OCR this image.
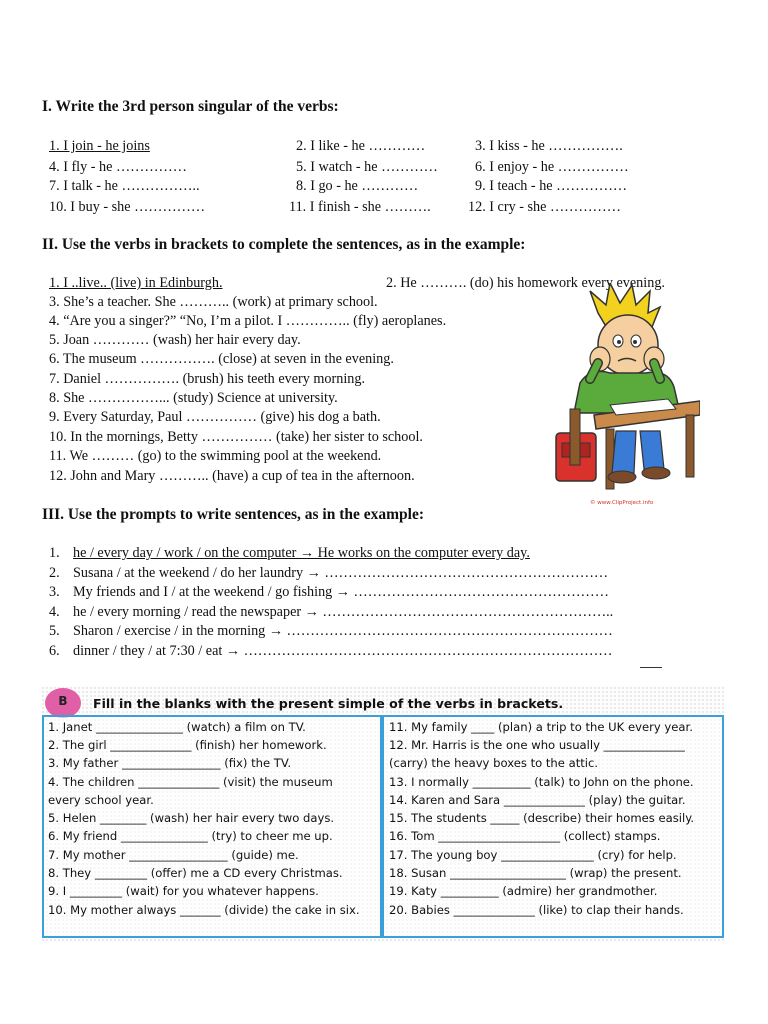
I. Write the 3rd person singular of the verbs:
1. I join - he joins	2. I like - he …………	3. I kiss - he …………….
4. I fly - he ……………	5. I watch - he …………	6. I enjoy - he ……………
7. I talk - he ……………..	8. I go - he …………	9. I teach - he ……………
10. I buy - she ……………	11. I finish - she ……….	12. I cry - she ……………
II. Use the verbs in brackets to complete the sentences, as in the example:
1. I ..live.. (live) in Edinburgh.	2. He ………. (do) his homework every evening.
3. She’s a teacher. She ……….. (work) at primary school.
4. “Are you a singer?” “No, I’m a pilot. I ………….. (fly) aeroplanes.
5. Joan ………… (wash) her hair every day.
6. The museum ……………. (close) at seven in the evening.
7. Daniel ……………. (brush) his teeth every morning.
8. She ……………... (study) Science at university.
9. Every Saturday, Paul …………… (give) his dog a bath.
10. In the mornings, Betty …………… (take) her sister to school.
11. We ……… (go) to the swimming pool at the weekend.
12. John and Mary ……….. (have) a cup of tea in the afternoon.
© www.ClipProject.info
III. Use the prompts to write sentences, as in the example:
1. he / every day / work / on the computer → He works on the computer every day.
2. Susana / at the weekend / do her laundry → ……………………………………………………
3. My friends and I / at the weekend / go fishing → ………………………………………………
4. he / every morning / read the newspaper → ……………………………………………………..
5. Sharon / exercise / in the morning → ……………………………………………………………
6. dinner / they / at 7:30 / eat → ……………………………………………………………………
B	Fill in the blanks with the present simple of the verbs in brackets.
1. Janet _______________ (watch) a film on TV.
2. The girl ______________ (finish) her homework.
3. My father _________________ (fix) the TV.
4. The children ______________ (visit) the museum
every school year.
5. Helen ________ (wash) her hair every two days.
6. My friend _______________ (try) to cheer me up.
7. My mother _________________ (guide) me.
8. They _________ (offer) me a CD every Christmas.
9. I _________ (wait) for you whatever happens.
10. My mother always _______ (divide) the cake in six.
11. My family ____ (plan) a trip to the UK every year.
12. Mr. Harris is the one who usually ______________
(carry) the heavy boxes to the attic.
13. I normally __________ (talk) to John on the phone.
14. Karen and Sara ______________ (play) the guitar.
15. The students _____ (describe) their homes easily.
16. Tom _____________________ (collect) stamps.
17. The young boy ________________ (cry) for help.
18. Susan ____________________ (wrap) the present.
19. Katy __________ (admire) her grandmother.
20. Babies ______________ (like) to clap their hands.
